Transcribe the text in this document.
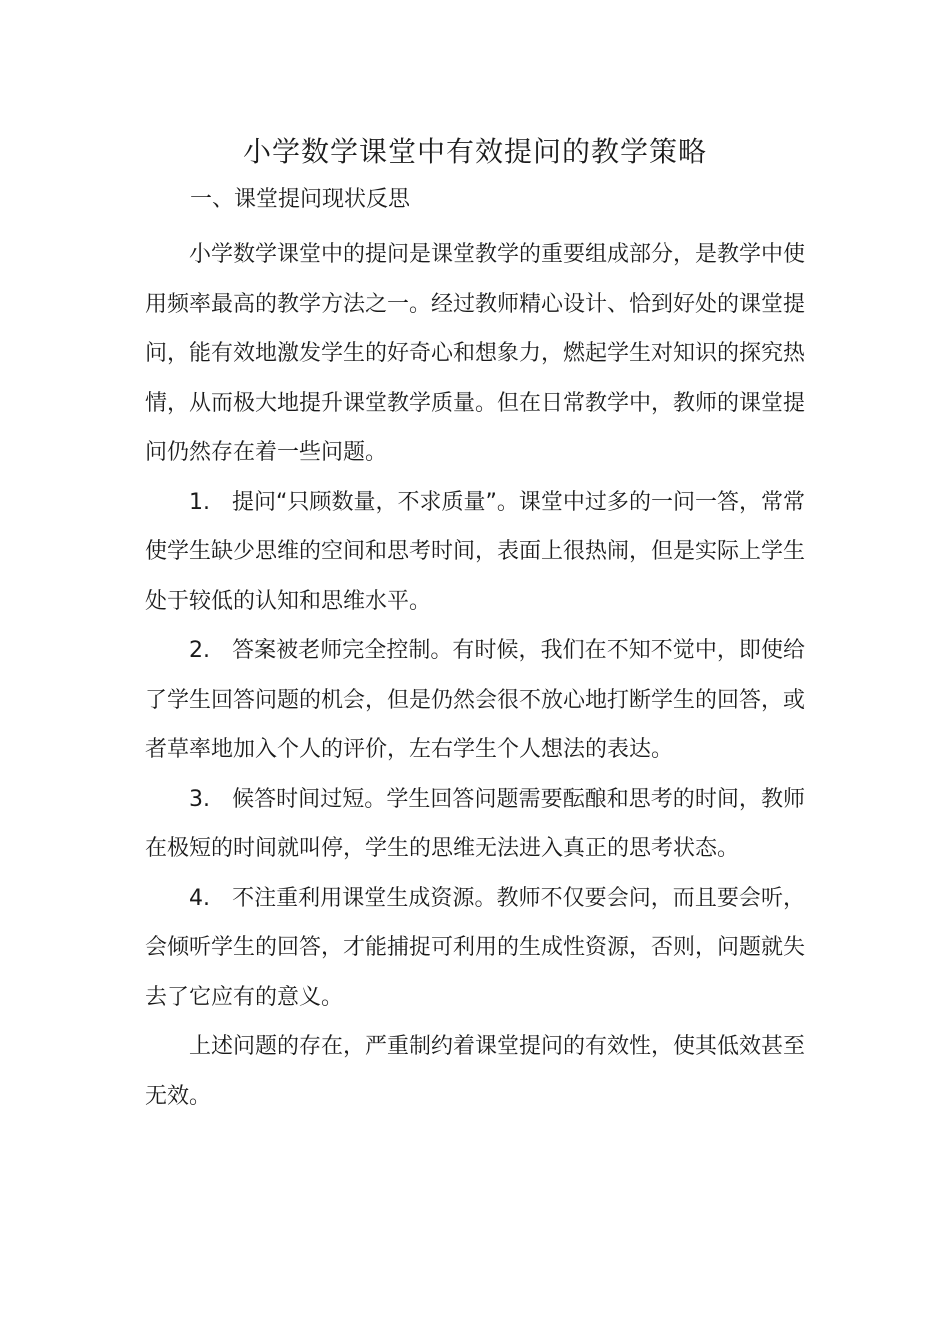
小学数学课堂中有效提问的教学策略
一、课堂提问现状反思

小学数学课堂中的提问是课堂教学的重要组成部分，是教学中使用频率最高的教学方法之一。经过教师精心设计、恰到好处的课堂提问，能有效地激发学生的好奇心和想象力，燃起学生对知识的探究热情，从而极大地提升课堂教学质量。但在日常教学中，教师的课堂提问仍然存在着一些问题。

1.　提问“只顾数量，不求质量”。课堂中过多的一问一答，常常使学生缺少思维的空间和思考时间，表面上很热闹，但是实际上学生处于较低的认知和思维水平。

2.　答案被老师完全控制。有时候，我们在不知不觉中，即使给了学生回答问题的机会，但是仍然会很不放心地打断学生的回答，或者草率地加入个人的评价，左右学生个人想法的表达。

3.　候答时间过短。学生回答问题需要酝酿和思考的时间，教师在极短的时间就叫停，学生的思维无法进入真正的思考状态。

4.　不注重利用课堂生成资源。教师不仅要会问，而且要会听，会倾听学生的回答，才能捕捉可利用的生成性资源，否则，问题就失去了它应有的意义。

上述问题的存在，严重制约着课堂提问的有效性，使其低效甚至无效。
